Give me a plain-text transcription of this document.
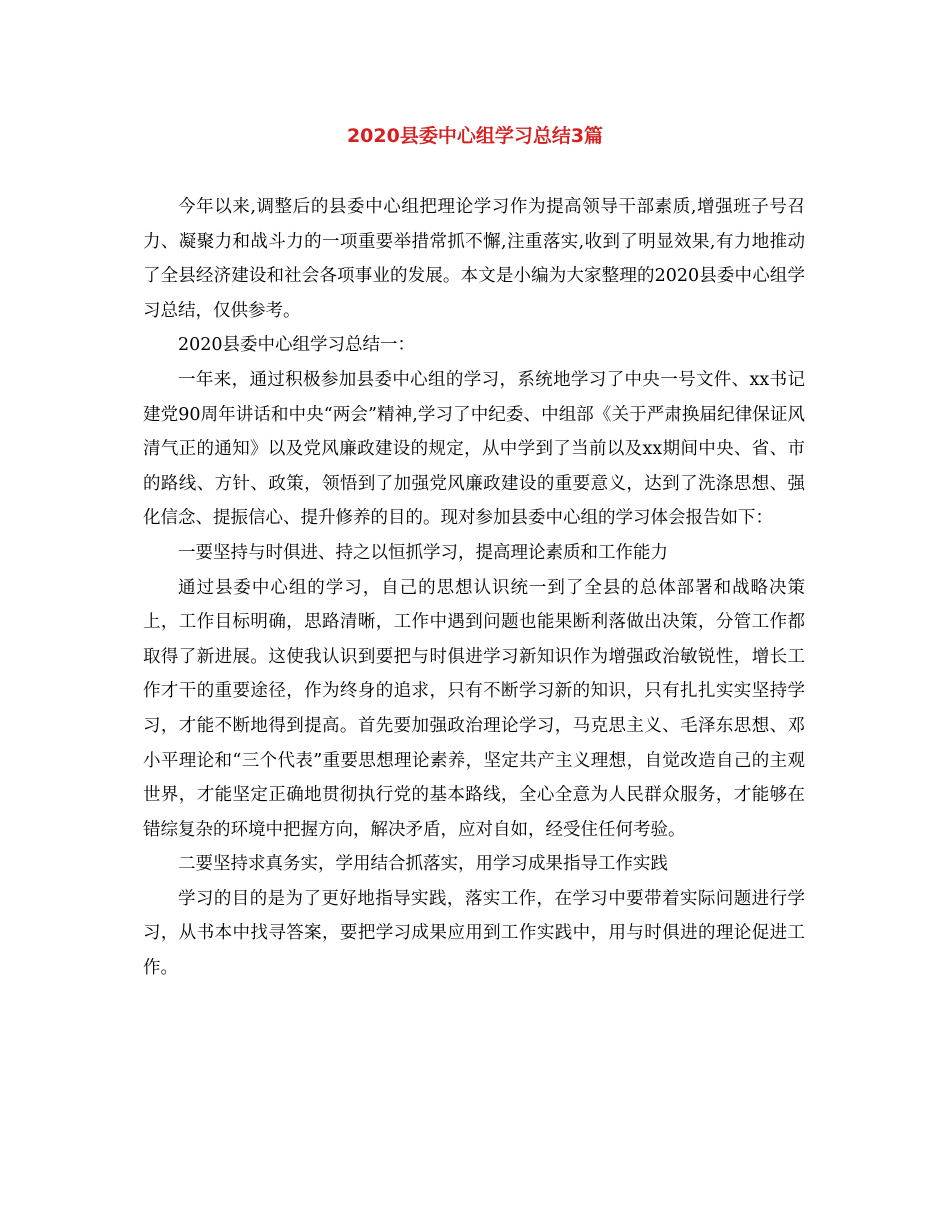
2020县委中心组学习总结3篇

今年以来,调整后的县委中心组把理论学习作为提高领导干部素质,增强班子号召力、凝聚力和战斗力的一项重要举措常抓不懈,注重落实,收到了明显效果,有力地推动了全县经济建设和社会各项事业的发展。本文是小编为大家整理的2020县委中心组学习总结，仅供参考。

2020县委中心组学习总结一：

一年来，通过积极参加县委中心组的学习，系统地学习了中央一号文件、xx书记建党90周年讲话和中央“两会”精神,学习了中纪委、中组部《关于严肃换届纪律保证风清气正的通知》以及党风廉政建设的规定，从中学到了当前以及xx期间中央、省、市的路线、方针、政策，领悟到了加强党风廉政建设的重要意义，达到了洗涤思想、强化信念、提振信心、提升修养的目的。现对参加县委中心组的学习体会报告如下：

一要坚持与时俱进、持之以恒抓学习，提高理论素质和工作能力

通过县委中心组的学习，自己的思想认识统一到了全县的总体部署和战略决策上，工作目标明确，思路清晰，工作中遇到问题也能果断利落做出决策，分管工作都取得了新进展。这使我认识到要把与时俱进学习新知识作为增强政治敏锐性，增长工作才干的重要途径，作为终身的追求，只有不断学习新的知识，只有扎扎实实坚持学习，才能不断地得到提高。首先要加强政治理论学习，马克思主义、毛泽东思想、邓小平理论和“三个代表”重要思想理论素养，坚定共产主义理想，自觉改造自己的主观世界，才能坚定正确地贯彻执行党的基本路线，全心全意为人民群众服务，才能够在错综复杂的环境中把握方向，解决矛盾，应对自如，经受住任何考验。

二要坚持求真务实，学用结合抓落实，用学习成果指导工作实践

学习的目的是为了更好地指导实践，落实工作，在学习中要带着实际问题进行学习，从书本中找寻答案，要把学习成果应用到工作实践中，用与时俱进的理论促进工作。
